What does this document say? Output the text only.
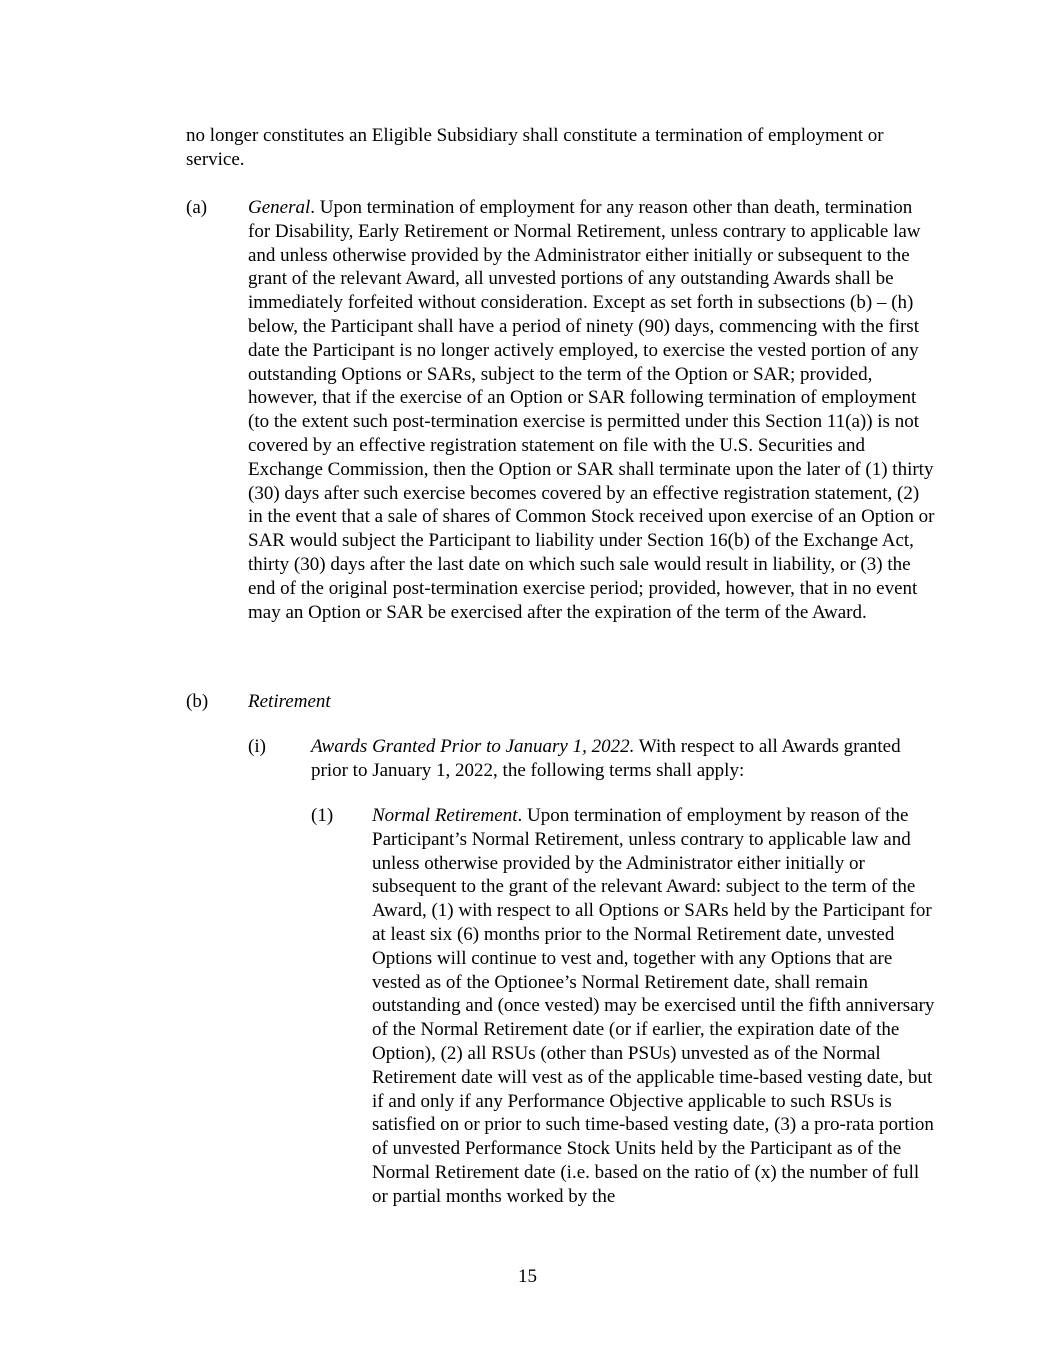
no longer constitutes an Eligible Subsidiary shall constitute a termination of employment or service.

(a) General. Upon termination of employment for any reason other than death, termination for Disability, Early Retirement or Normal Retirement, unless contrary to applicable law and unless otherwise provided by the Administrator either initially or subsequent to the grant of the relevant Award, all unvested portions of any outstanding Awards shall be immediately forfeited without consideration. Except as set forth in subsections (b) – (h) below, the Participant shall have a period of ninety (90) days, commencing with the first date the Participant is no longer actively employed, to exercise the vested portion of any outstanding Options or SARs, subject to the term of the Option or SAR; provided, however, that if the exercise of an Option or SAR following termination of employment (to the extent such post-termination exercise is permitted under this Section 11(a)) is not covered by an effective registration statement on file with the U.S. Securities and Exchange Commission, then the Option or SAR shall terminate upon the later of (1) thirty (30) days after such exercise becomes covered by an effective registration statement, (2) in the event that a sale of shares of Common Stock received upon exercise of an Option or SAR would subject the Participant to liability under Section 16(b) of the Exchange Act, thirty (30) days after the last date on which such sale would result in liability, or (3) the end of the original post-termination exercise period; provided, however, that in no event may an Option or SAR be exercised after the expiration of the term of the Award.

(b) Retirement

(i) Awards Granted Prior to January 1, 2022. With respect to all Awards granted prior to January 1, 2022, the following terms shall apply:

(1) Normal Retirement. Upon termination of employment by reason of the Participant’s Normal Retirement, unless contrary to applicable law and unless otherwise provided by the Administrator either initially or subsequent to the grant of the relevant Award: subject to the term of the Award, (1) with respect to all Options or SARs held by the Participant for at least six (6) months prior to the Normal Retirement date, unvested Options will continue to vest and, together with any Options that are vested as of the Optionee’s Normal Retirement date, shall remain outstanding and (once vested) may be exercised until the fifth anniversary of the Normal Retirement date (or if earlier, the expiration date of the Option), (2) all RSUs (other than PSUs) unvested as of the Normal Retirement date will vest as of the applicable time-based vesting date, but if and only if any Performance Objective applicable to such RSUs is satisfied on or prior to such time-based vesting date, (3) a pro-rata portion of unvested Performance Stock Units held by the Participant as of the Normal Retirement date (i.e. based on the ratio of (x) the number of full or partial months worked by the

15
